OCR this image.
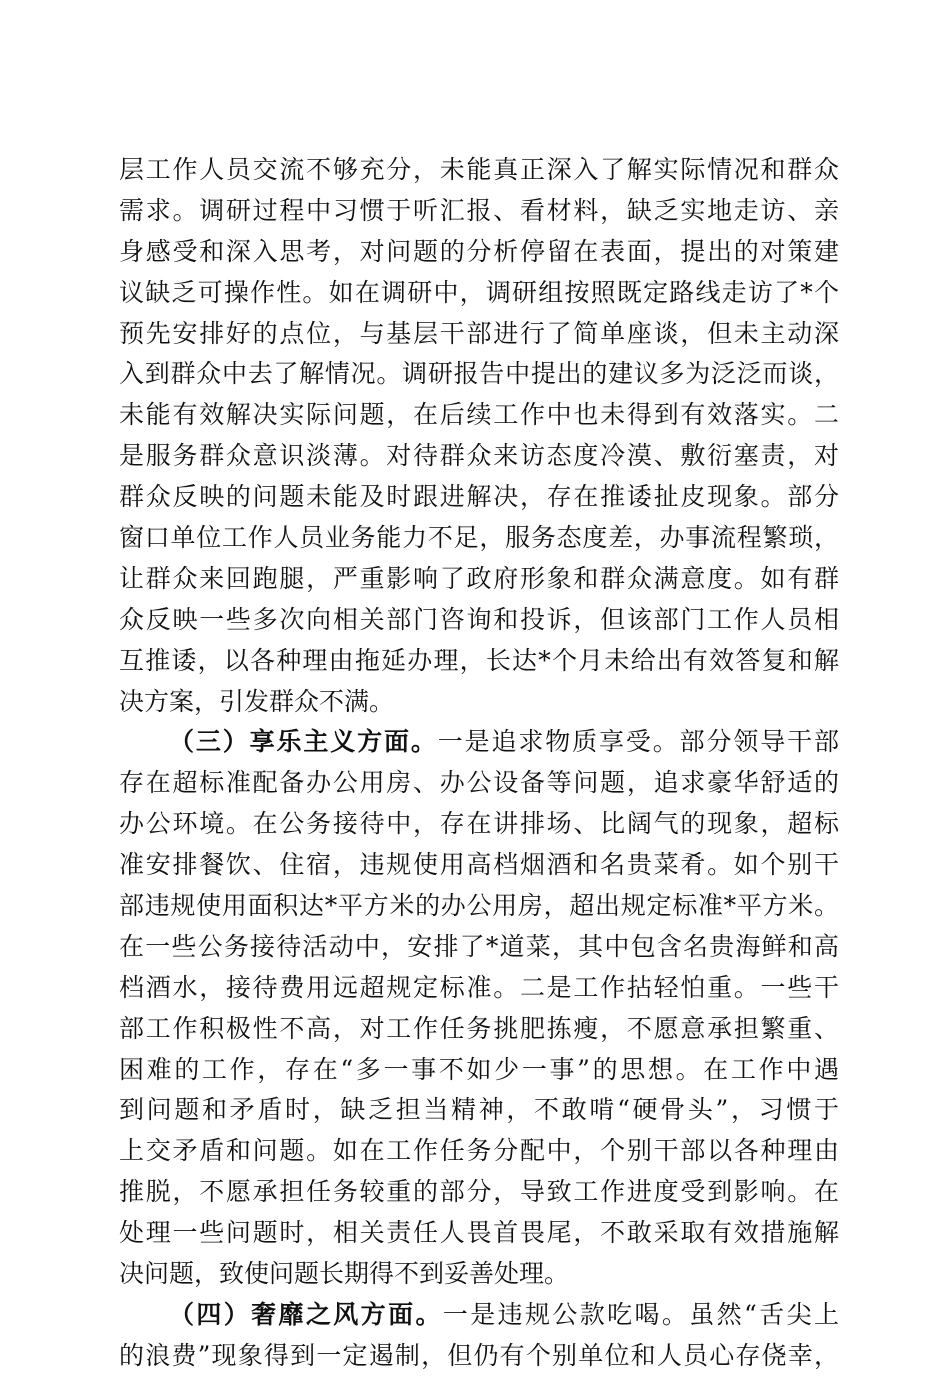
层工作人员交流不够充分，未能真正深入了解实际情况和群众
需求。调研过程中习惯于听汇报、看材料，缺乏实地走访、亲
身感受和深入思考，对问题的分析停留在表面，提出的对策建
议缺乏可操作性。如在调研中，调研组按照既定路线走访了*个
预先安排好的点位，与基层干部进行了简单座谈，但未主动深
入到群众中去了解情况。调研报告中提出的建议多为泛泛而谈，
未能有效解决实际问题，在后续工作中也未得到有效落实。二
是服务群众意识淡薄。对待群众来访态度冷漠、敷衍塞责，对
群众反映的问题未能及时跟进解决，存在推诿扯皮现象。部分
窗口单位工作人员业务能力不足，服务态度差，办事流程繁琐，
让群众来回跑腿，严重影响了政府形象和群众满意度。如有群
众反映一些多次向相关部门咨询和投诉，但该部门工作人员相
互推诿，以各种理由拖延办理，长达*个月未给出有效答复和解
决方案，引发群众不满。
（三）享乐主义方面。一是追求物质享受。部分领导干部
存在超标准配备办公用房、办公设备等问题，追求豪华舒适的
办公环境。在公务接待中，存在讲排场、比阔气的现象，超标
准安排餐饮、住宿，违规使用高档烟酒和名贵菜肴。如个别干
部违规使用面积达*平方米的办公用房，超出规定标准*平方米。
在一些公务接待活动中，安排了*道菜，其中包含名贵海鲜和高
档酒水，接待费用远超规定标准。二是工作拈轻怕重。一些干
部工作积极性不高，对工作任务挑肥拣瘦，不愿意承担繁重、
困难的工作，存在“多一事不如少一事”的思想。在工作中遇
到问题和矛盾时，缺乏担当精神，不敢啃“硬骨头”，习惯于
上交矛盾和问题。如在工作任务分配中，个别干部以各种理由
推脱，不愿承担任务较重的部分，导致工作进度受到影响。在
处理一些问题时，相关责任人畏首畏尾，不敢采取有效措施解
决问题，致使问题长期得不到妥善处理。
（四）奢靡之风方面。一是违规公款吃喝。虽然“舌尖上
的浪费”现象得到一定遏制，但仍有个别单位和人员心存侥幸，
